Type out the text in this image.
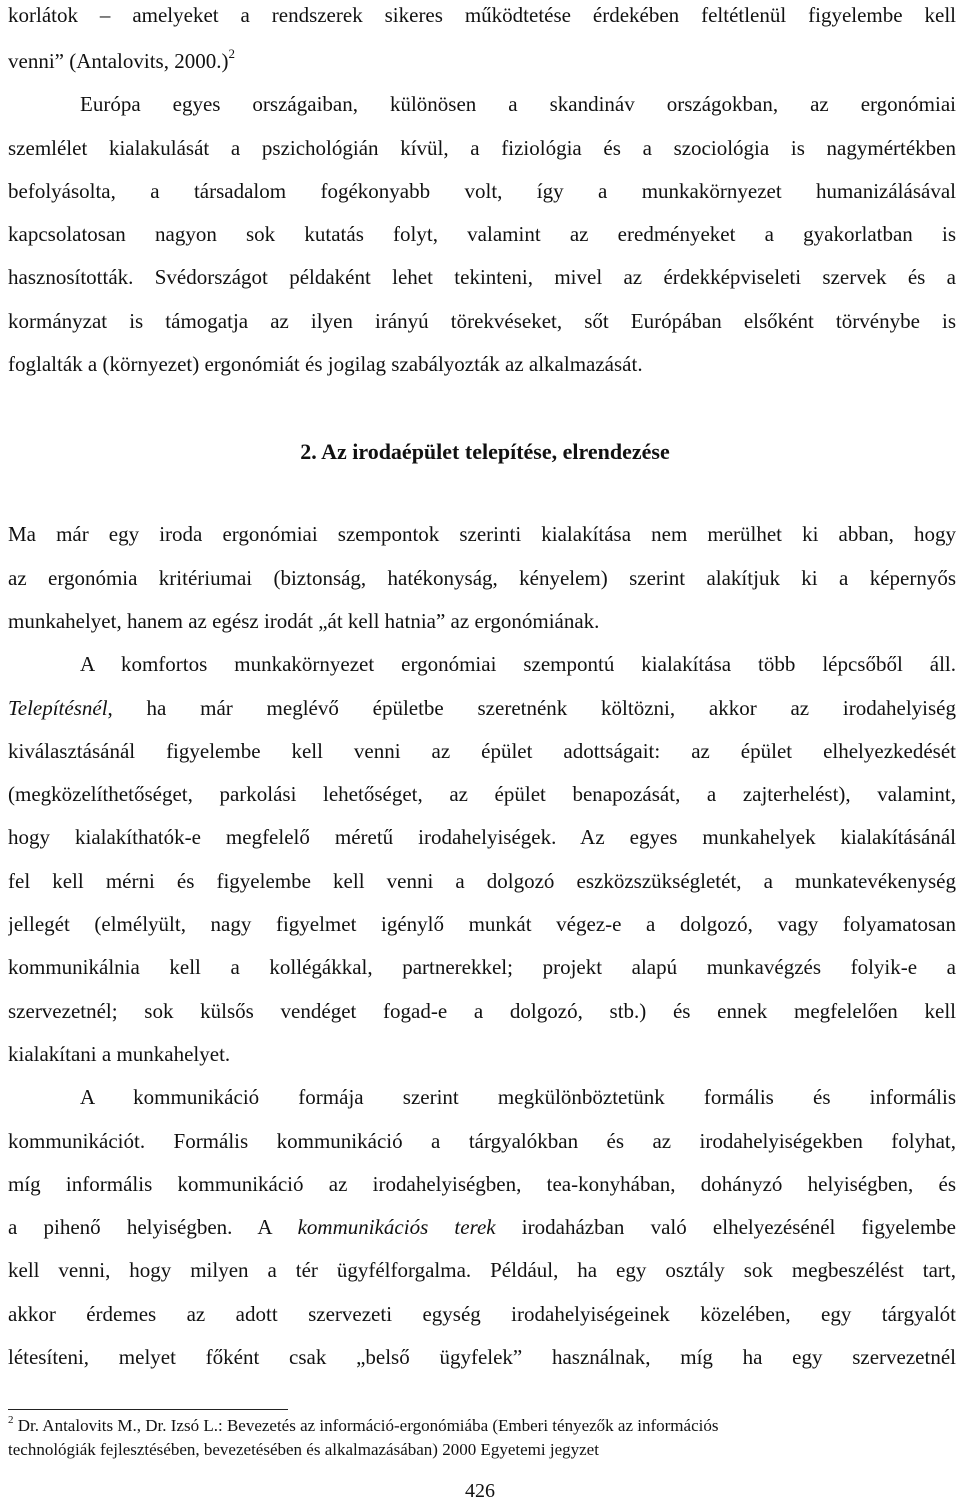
korlátok – amelyeket a rendszerek sikeres működtetése érdekében feltétlenül figyelembe kell
venni” (Antalovits, 2000.)$^2$
Európa egyes országaiban, különösen a skandináv országokban, az ergonómiai
szemlélet kialakulását a pszichológián kívül, a fiziológia és a szociológia is nagymértékben
befolyásolta, a társadalom fogékonyabb volt, így a munkakörnyezet humanizálásával
kapcsolatosan nagyon sok kutatás folyt, valamint az eredményeket a gyakorlatban is
hasznosították. Svédországot példaként lehet tekinteni, mivel az érdekképviseleti szervek és a
kormányzat is támogatja az ilyen irányú törekvéseket, sőt Európában elsőként törvénybe is
foglalták a (környezet) ergonómiát és jogilag szabályozták az alkalmazását.
2. Az irodaépület telepítése, elrendezése
Ma már egy iroda ergonómiai szempontok szerinti kialakítása nem merülhet ki abban, hogy
az ergonómia kritériumai (biztonság, hatékonyság, kényelem) szerint alakítjuk ki a képernyős
munkahelyet, hanem az egész irodát „át kell hatnia” az ergonómiának.
A komfortos munkakörnyezet ergonómiai szempontú kialakítása több lépcsőből áll.
Telepítésnél, ha már meglévő épületbe szeretnénk költözni, akkor az irodahelyiség
kiválasztásánál figyelembe kell venni az épület adottságait: az épület elhelyezkedését
(megközelíthetőséget, parkolási lehetőséget, az épület benapozását, a zajterhelést), valamint,
hogy kialakíthatók-e megfelelő méretű irodahelyiségek. Az egyes munkahelyek kialakításánál
fel kell mérni és figyelembe kell venni a dolgozó eszközszükségletét, a munkatevékenység
jellegét (elmélyült, nagy figyelmet igénylő munkát végez-e a dolgozó, vagy folyamatosan
kommunikálnia kell a kollégákkal, partnerekkel; projekt alapú munkavégzés folyik-e a
szervezetnél; sok külsős vendéget fogad-e a dolgozó, stb.) és ennek megfelelően kell
kialakítani a munkahelyet.
A kommunikáció formája szerint megkülönböztetünk formális és informális
kommunikációt. Formális kommunikáció a tárgyalókban és az irodahelyiségekben folyhat,
míg informális kommunikáció az irodahelyiségben, tea-konyhában, dohányzó helyiségben, és
a pihenő helyiségben. A kommunikációs terek irodaházban való elhelyezésénél figyelembe
kell venni, hogy milyen a tér ügyfélforgalma. Például, ha egy osztály sok megbeszélést tart,
akkor érdemes az adott szervezeti egység irodahelyiségeinek közelében, egy tárgyalót
létesíteni, melyet főként csak „belső ügyfelek” használnak, míg ha egy szervezetnél
$^2$ Dr. Antalovits M., Dr. Izsó L.: Bevezetés az információ-ergonómiába (Emberi tényezők az információs
technológiák fejlesztésében, bevezetésében és alkalmazásában) 2000 Egyetemi jegyzet
426
